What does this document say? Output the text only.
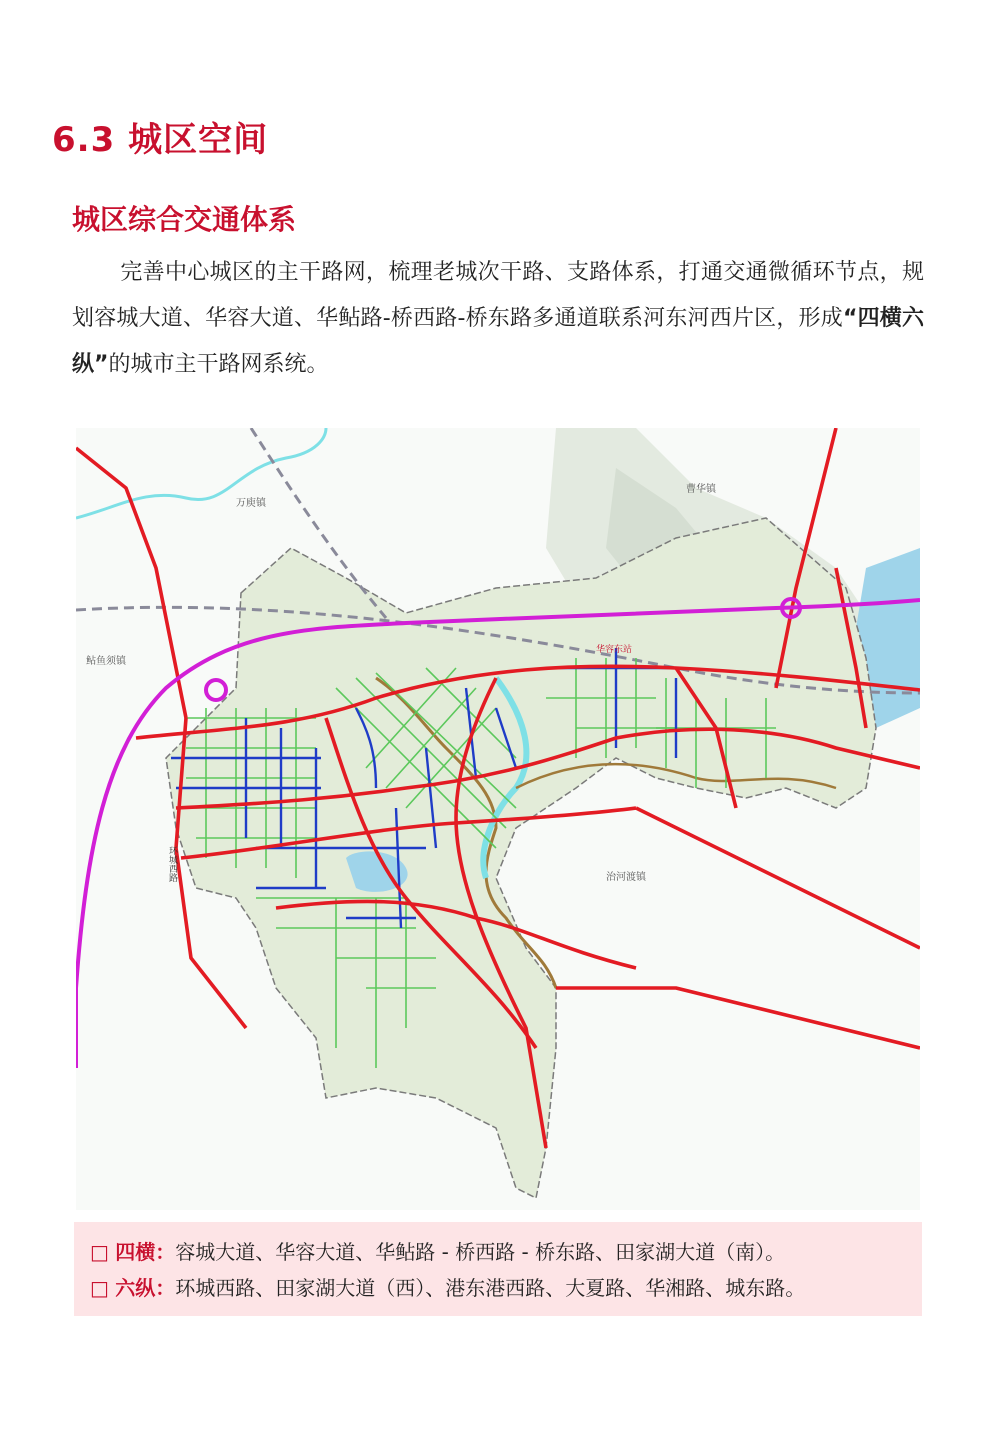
6.3 城区空间
城区综合交通体系

完善中心城区的主干路网，梳理老城次干路、支路体系，打通交通微循环节点，规划容城大道、华容大道、华鲇路-桥西路-桥东路多通道联系河东河西片区，形成“四横六纵”的城市主干路网系统。

万庾镇
曹华镇
鲇鱼须镇
治河渡镇
华容东站
环城西路
□ 四横：容城大道、华容大道、华鲇路 - 桥西路 - 桥东路、田家湖大道（南）。
□ 六纵：环城西路、田家湖大道（西）、港东港西路、大夏路、华湘路、城东路。
